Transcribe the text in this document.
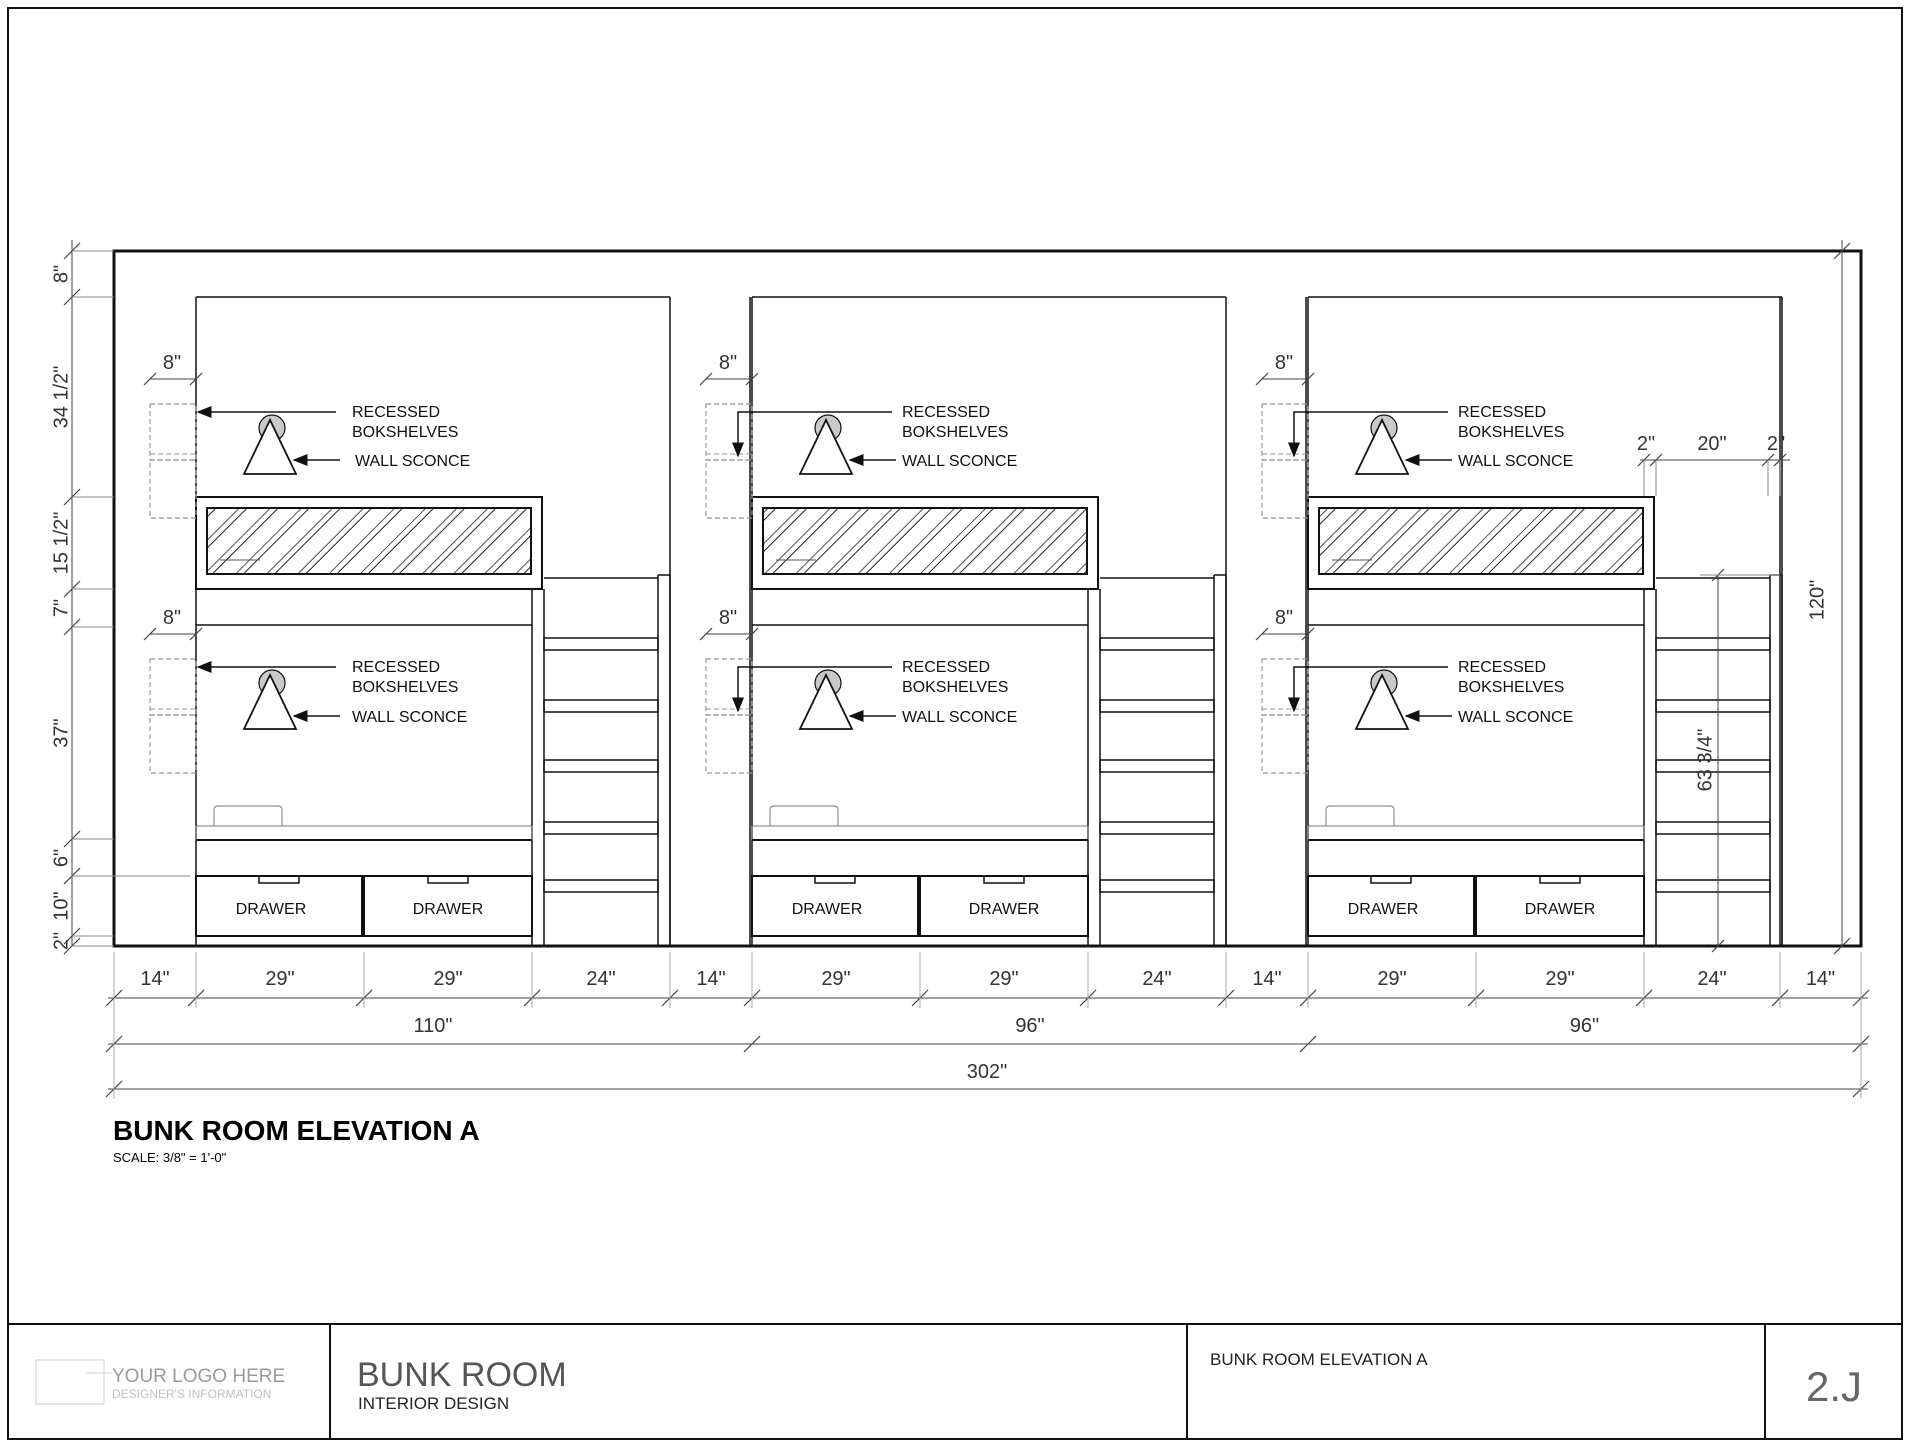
DRAWER	DRAWER
8"
RECESSED
BOKSHELVES
WALL SCONCE
8"
RECESSED
BOKSHELVES
WALL SCONCE
DRAWER	DRAWER
8"
RECESSED
BOKSHELVES
WALL SCONCE
8"
RECESSED
BOKSHELVES
WALL SCONCE
DRAWER	DRAWER
8"
RECESSED
BOKSHELVES
WALL SCONCE
8"
RECESSED
BOKSHELVES
WALL SCONCE
8"
34 1/2"
15 1/2"
7"
37"
6"
10"
2"
120"
2" 20" 2"
63 3/4"
14"	29"	29"	24"	14"	29"	29"	24"	14"	29"	29"	24"	14"
110"	96"	96"
302"
BUNK ROOM ELEVATION A
SCALE: 3/8" = 1'-0"
YOUR LOGO HERE
DESIGNER'S INFORMATION	BUNK ROOM
INTERIOR DESIGN
BUNK ROOM ELEVATION A
2.J
